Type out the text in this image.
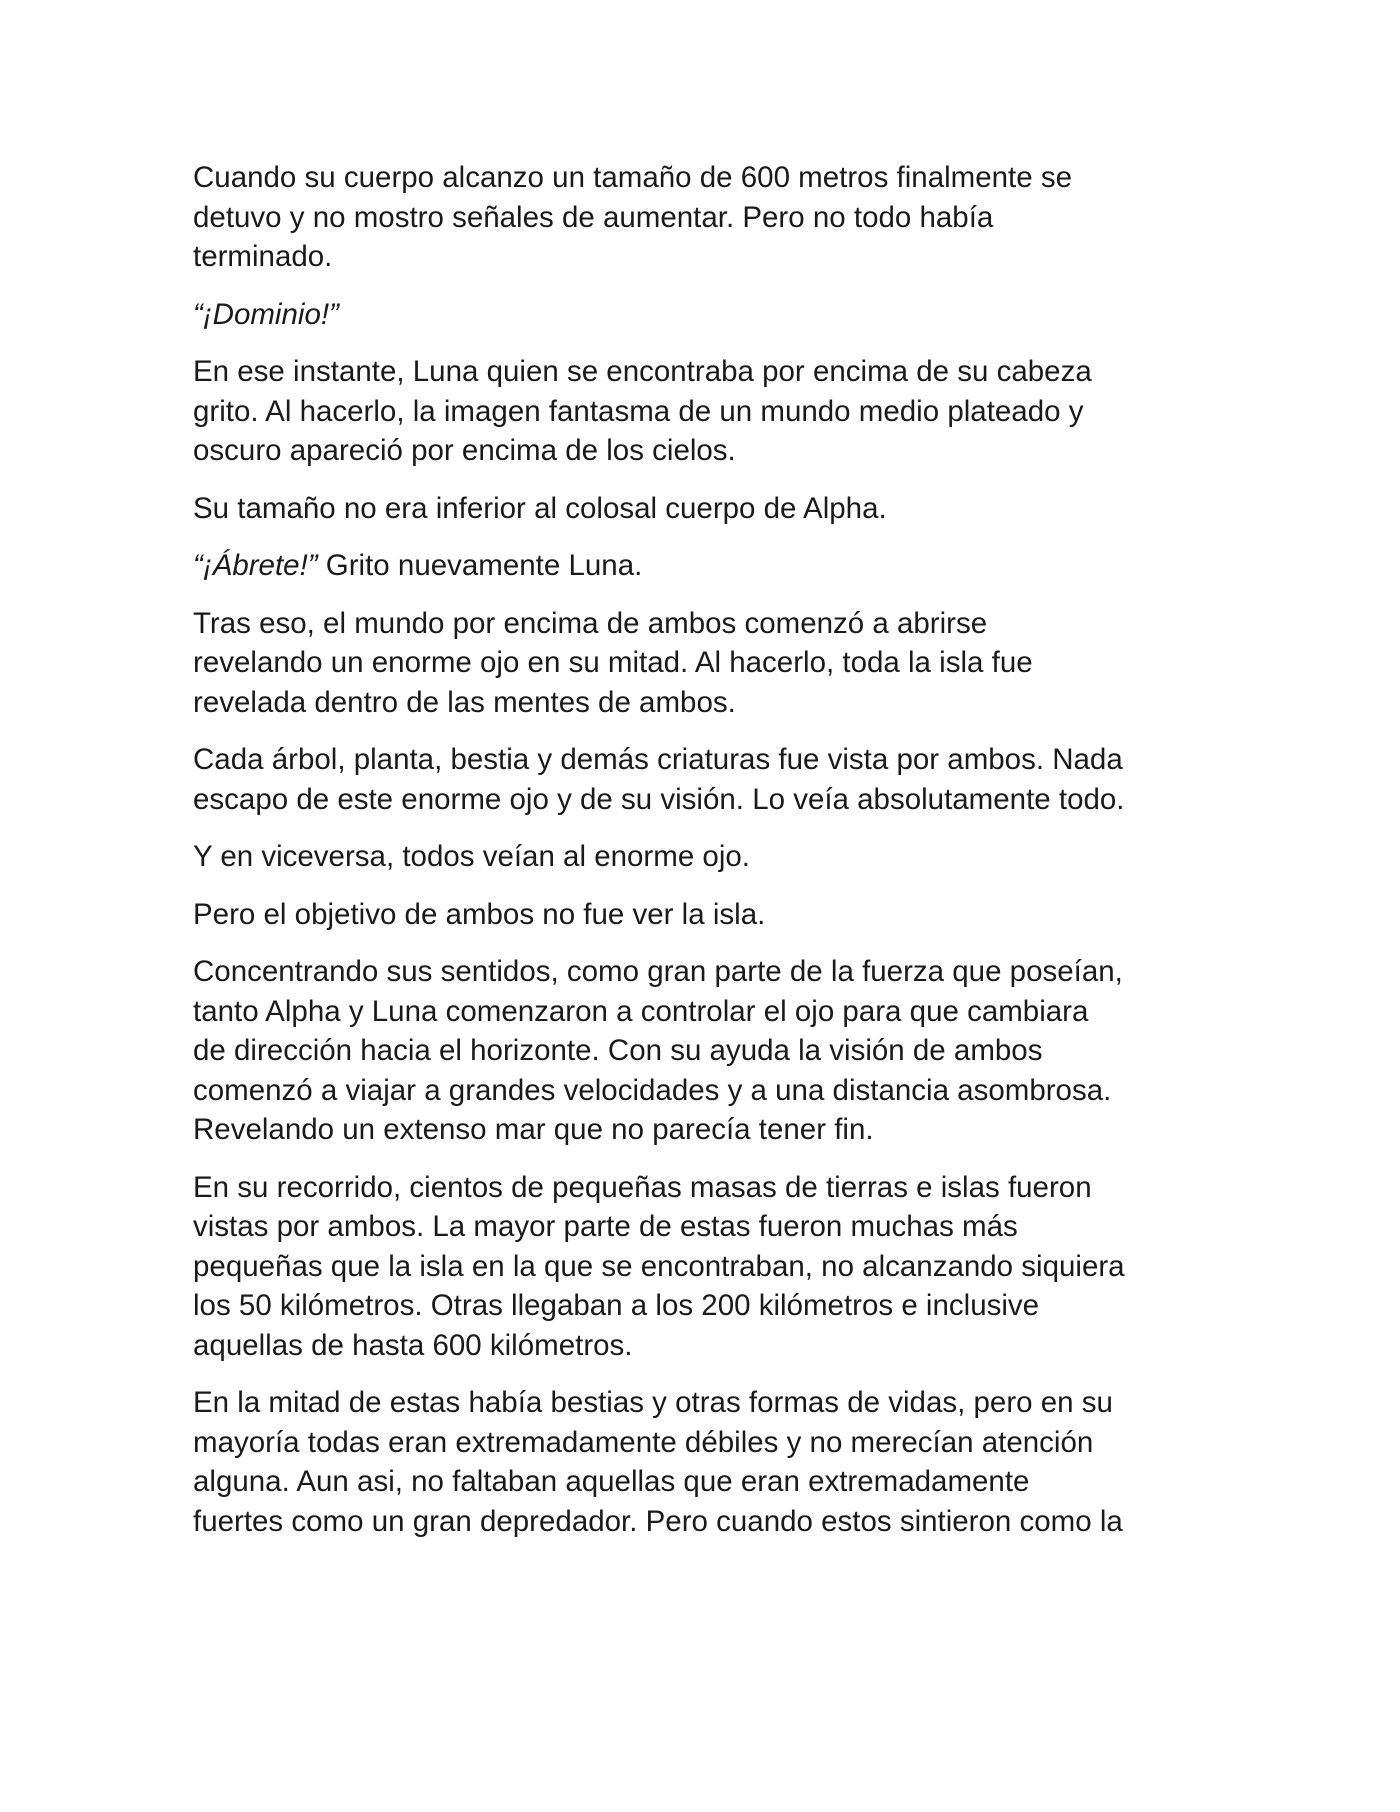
Cuando su cuerpo alcanzo un tamaño de 600 metros finalmente se
detuvo y no mostro señales de aumentar. Pero no todo había
terminado.

“¡Dominio!”

En ese instante, Luna quien se encontraba por encima de su cabeza
grito. Al hacerlo, la imagen fantasma de un mundo medio plateado y
oscuro apareció por encima de los cielos.

Su tamaño no era inferior al colosal cuerpo de Alpha.

“¡Ábrete!” Grito nuevamente Luna.

Tras eso, el mundo por encima de ambos comenzó a abrirse
revelando un enorme ojo en su mitad. Al hacerlo, toda la isla fue
revelada dentro de las mentes de ambos.

Cada árbol, planta, bestia y demás criaturas fue vista por ambos. Nada
escapo de este enorme ojo y de su visión. Lo veía absolutamente todo.

Y en viceversa, todos veían al enorme ojo.

Pero el objetivo de ambos no fue ver la isla.

Concentrando sus sentidos, como gran parte de la fuerza que poseían,
tanto Alpha y Luna comenzaron a controlar el ojo para que cambiara
de dirección hacia el horizonte. Con su ayuda la visión de ambos
comenzó a viajar a grandes velocidades y a una distancia asombrosa.
Revelando un extenso mar que no parecía tener fin.

En su recorrido, cientos de pequeñas masas de tierras e islas fueron
vistas por ambos. La mayor parte de estas fueron muchas más
pequeñas que la isla en la que se encontraban, no alcanzando siquiera
los 50 kilómetros. Otras llegaban a los 200 kilómetros e inclusive
aquellas de hasta 600 kilómetros.

En la mitad de estas había bestias y otras formas de vidas, pero en su
mayoría todas eran extremadamente débiles y no merecían atención
alguna. Aun asi, no faltaban aquellas que eran extremadamente
fuertes como un gran depredador. Pero cuando estos sintieron como la
